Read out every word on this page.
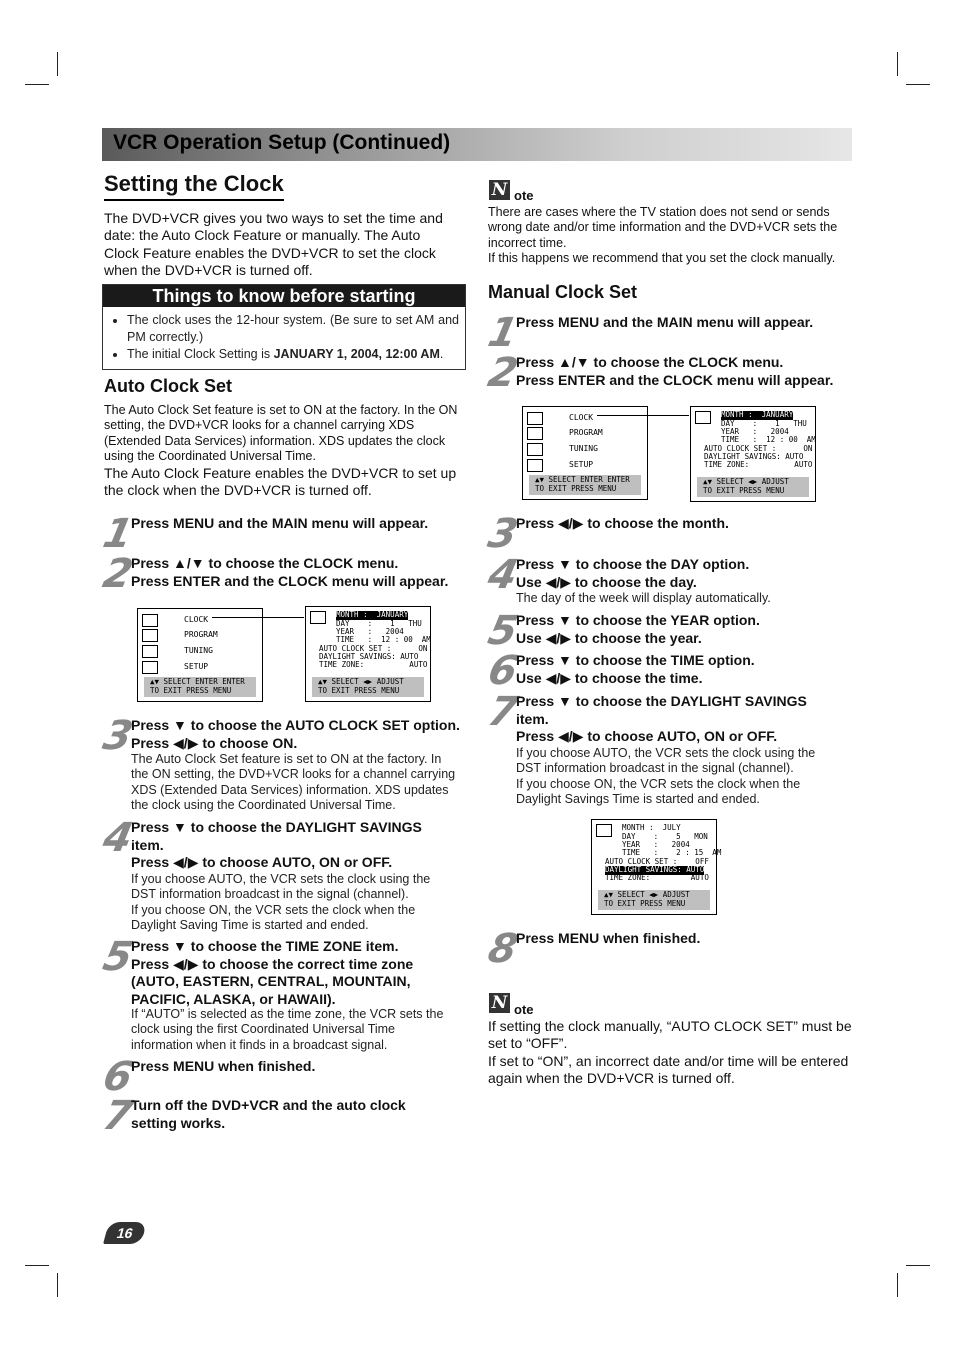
VCR Operation Setup (Continued)
Setting the Clock
The DVD+VCR gives you two ways to set the time and date: the Auto Clock Feature or manually. The Auto Clock Feature enables the DVD+VCR to set the clock when the DVD+VCR is turned off.
Things to know before starting
• The clock uses the 12-hour system. (Be sure to set AM and PM correctly.)
• The initial Clock Setting is JANUARY 1, 2004, 12:00 AM.
Auto Clock Set
The Auto Clock Set feature is set to ON at the factory. In the ON setting, the DVD+VCR looks for a channel carrying XDS (Extended Data Services) information. XDS updates the clock using the Coordinated Universal Time.
The Auto Clock Feature enables the DVD+VCR to set up the clock when the DVD+VCR is turned off.
1
Press MENU and the MAIN menu will appear.
2
Press ▲/▼ to choose the CLOCK menu.
Press ENTER and the CLOCK menu will appear.
CLOCK
PROGRAM
TUNING
SETUP
▲▼ SELECT ENTER ENTER
TO EXIT PRESS MENU
MONTH :  JANUARY
DAY    :    1   THU
YEAR   :   2004
TIME   :  12 : 00  AM
AUTO CLOCK SET :      ON
DAYLIGHT SAVINGS: AUTO
TIME ZONE:          AUTO
▲▼ SELECT ◀▶ ADJUST
TO EXIT PRESS MENU
3
Press ▼ to choose the AUTO CLOCK SET option.
Press ◀/▶ to choose ON.
The Auto Clock Set feature is set to ON at the factory. In the ON setting, the DVD+VCR looks for a channel carrying XDS (Extended Data Services) information. XDS updates the clock using the Coordinated Universal Time.
4
Press ▼ to choose the DAYLIGHT SAVINGS item.
Press ◀/▶ to choose AUTO, ON or OFF.
If you choose AUTO, the VCR sets the clock using the DST information broadcast in the signal (channel).
If you choose ON, the VCR sets the clock when the Daylight Saving Time is started and ended.
5
Press ▼ to choose the TIME ZONE item.
Press ◀/▶ to choose the correct time zone (AUTO, EASTERN, CENTRAL, MOUNTAIN, PACIFIC, ALASKA, or HAWAII).
If “AUTO” is selected as the time zone, the VCR sets the clock using the first Coordinated Universal Time information when it finds in a broadcast signal.
6
Press MENU when finished.
7
Turn off the DVD+VCR and the auto clock setting works.
N ote
There are cases where the TV station does not send or sends wrong date and/or time information and the DVD+VCR sets the incorrect time.
If this happens we recommend that you set the clock manually.
Manual Clock Set
1
Press MENU and the MAIN menu will appear.
2
Press ▲/▼ to choose the CLOCK menu.
Press ENTER and the CLOCK menu will appear.
CLOCK
PROGRAM
TUNING
SETUP
▲▼ SELECT ENTER ENTER
TO EXIT PRESS MENU
MONTH :  JANUARY
DAY    :    1   THU
YEAR   :   2004
TIME   :  12 : 00  AM
AUTO CLOCK SET :      ON
DAYLIGHT SAVINGS: AUTO
TIME ZONE:          AUTO
▲▼ SELECT ◀▶ ADJUST
TO EXIT PRESS MENU
3
Press ◀/▶ to choose the month.
4
Press ▼ to choose the DAY option.
Use ◀/▶ to choose the day.
The day of the week will display automatically.
5
Press ▼ to choose the YEAR option.
Use ◀/▶ to choose the year.
6
Press ▼ to choose the TIME option.
Use ◀/▶ to choose the time.
7
Press ▼ to choose the DAYLIGHT SAVINGS item.
Press ◀/▶ to choose AUTO, ON or OFF.
If you choose AUTO, the VCR sets the clock using the DST information broadcast in the signal (channel).
If you choose ON, the VCR sets the clock when the Daylight Savings Time is started and ended.
MONTH :  JULY
DAY    :    5   MON
YEAR   :   2004
TIME   :    2 : 15  AM
AUTO CLOCK SET :    OFF
DAYLIGHT SAVINGS: AUTO
TIME ZONE:         AUTO
▲▼ SELECT ◀▶ ADJUST
TO EXIT PRESS MENU
8
Press MENU when finished.
N ote
If setting the clock manually, “AUTO CLOCK SET” must be set to “OFF”.
If set to “ON”, an incorrect date and/or time will be entered again when the DVD+VCR is turned off.
16
